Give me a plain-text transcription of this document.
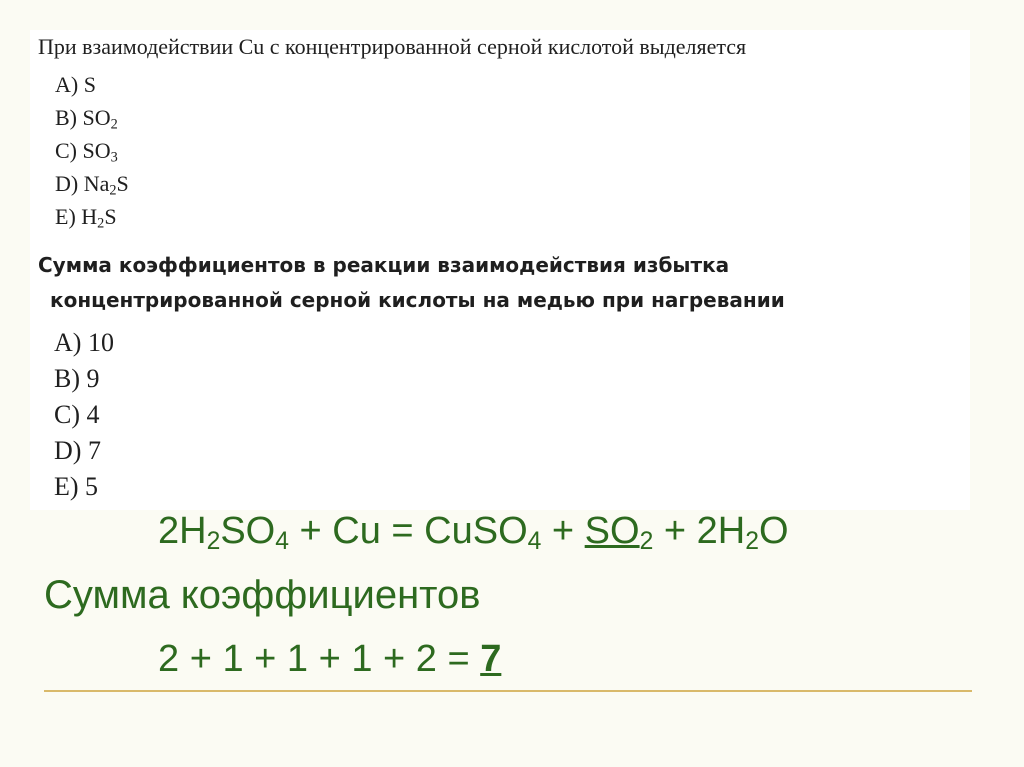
При взаимодействии Cu с концентрированной серной кислотой выделяется
A) S
B) $SO_2$
C) $SO_3$
D) $Na_2S$
E) $H_2S$
Сумма коэффициентов в реакции взаимодействия избытка
концентрированной серной кислоты на медью при нагревании
A) 10
B) 9
C) 4
D) 7
E) 5
$2H_2SO_4 + Cu$ = CuSO$_4$ + $SO_2 + 2H_2O$
Сумма коэффициентов
2 + 1 + 1 + 1 + 2 = 7
